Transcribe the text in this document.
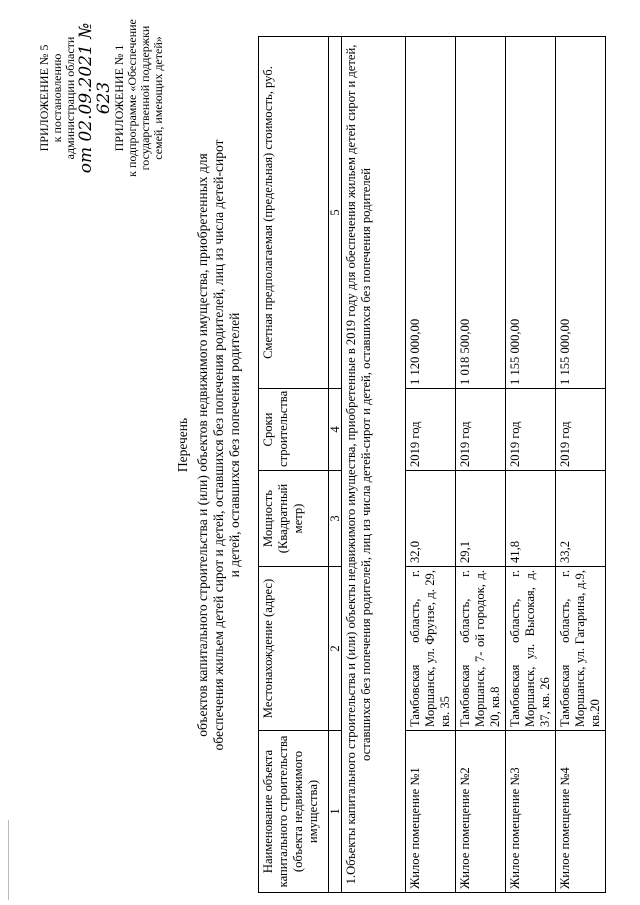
ПРИЛОЖЕНИЕ № 5 к постановлению администрации области от 02.09.2021 № 623
ПРИЛОЖЕНИЕ № 1 к подпрограмме «Обеспечение государственной поддержки семей, имеющих детей»
Перечень объектов капитального строительства и (или) объектов недвижимого имущества, приобретенных для обеспечения жильем детей сирот и детей, оставшихся без попечения родителей, лиц из числа детей-сирот и детей, оставшихся без попечения родителей
Наименование объекта капитального строительства (объекта недвижимого имущества)	Местонахождение (адрес)	Мощность (Квадратный метр)	Сроки строительства	Сметная предполагаемая (предельная) стоимость, руб.
1	2	3	4	5
1.Объекты капитального строительства и (или) объекты недвижимого имущества, приобретенные в 2019 году для обеспечения жильем детей сирот и детей, оставшихся без попечения родителей, лиц из числа детей-сирот и детей, оставшихся без попечения родителей				
Жилое помещение №1	Тамбовская область, г. Моршанск, ул. Фрунзе, д. 29, кв. 35	32,0	2019 год	1 120 000,00
Жилое помещение №2	Тамбовская область, г. Моршанск, 7- ой городок, д. 20, кв.8	29,1	2019 год	1 018 500,00
Жилое помещение №3	Тамбовская область, г. Моршанск, ул. Высокая, д. 37, кв. 26	41,8	2019 год	1 155 000,00
Жилое помещение №4	Тамбовская область, г. Моршанск, ул. Гагарина, д.9, кв.20	33,2	2019 год	1 155 000,00
